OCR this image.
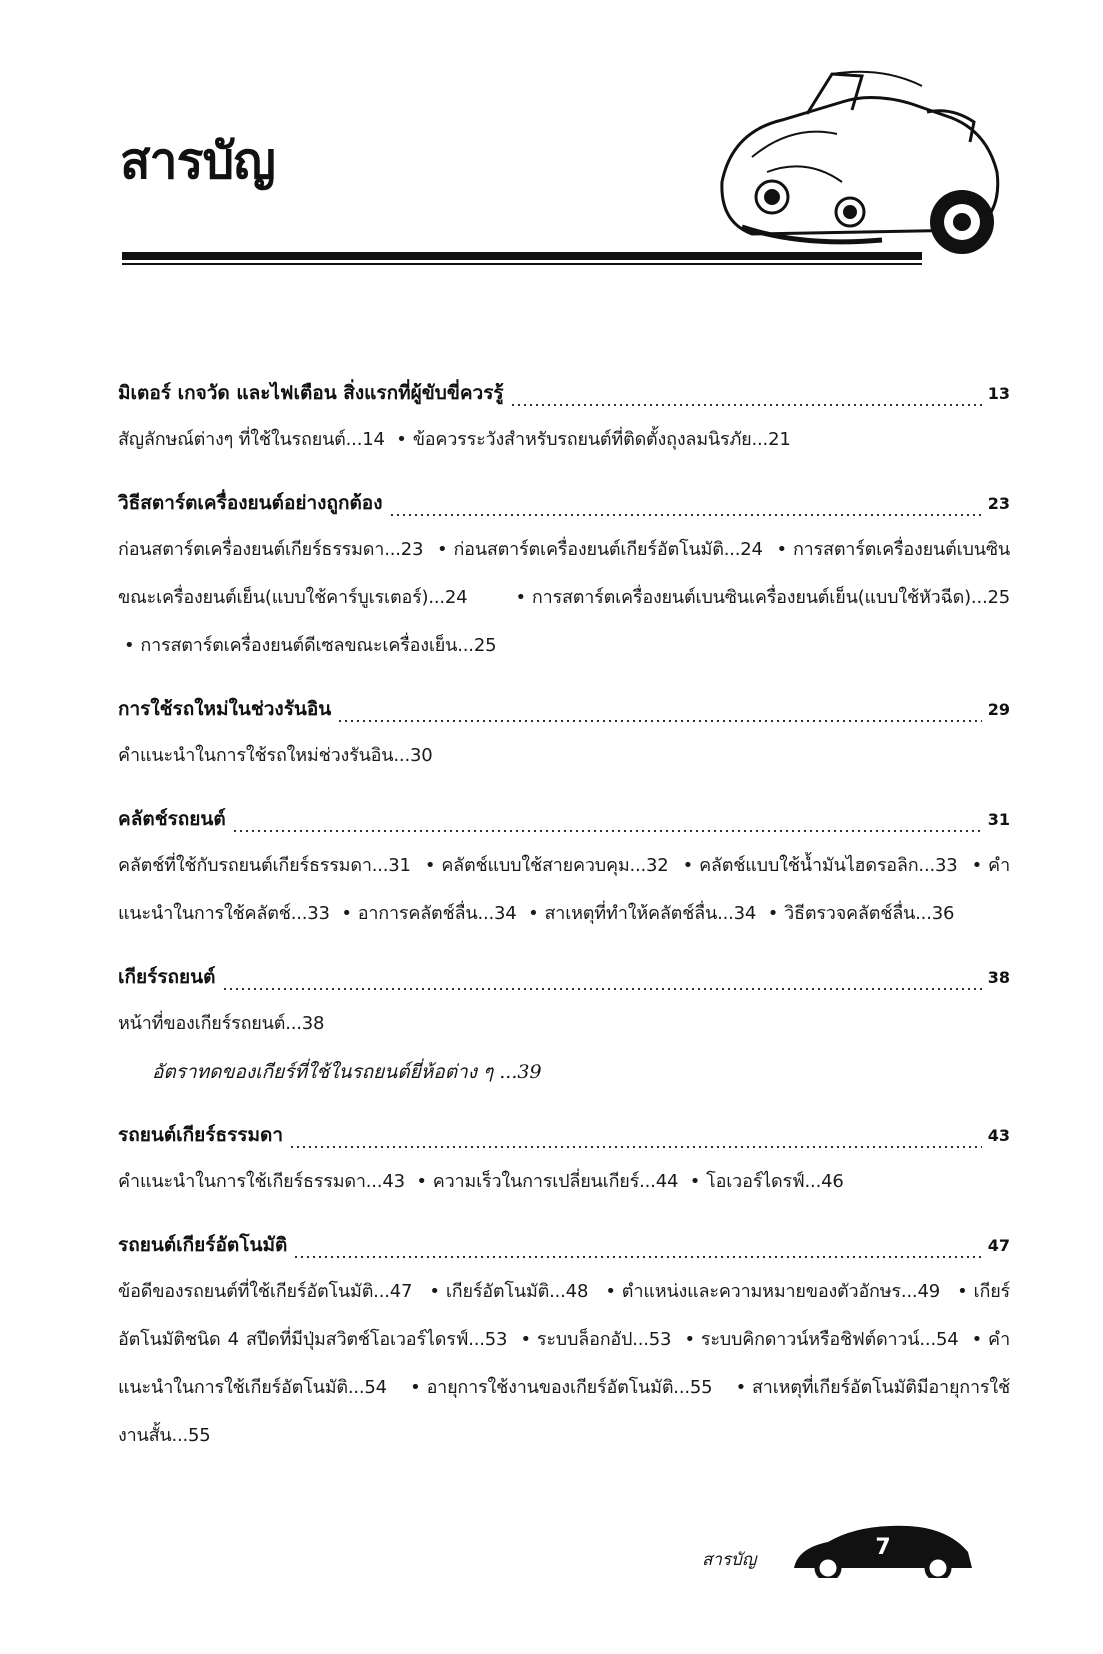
สารบัญ
มิเตอร์ เกจวัด และไฟเตือน สิ่งแรกที่ผู้ขับขี่ควรรู้	13
สัญลักษณ์ต่างๆ ที่ใช้ในรถยนต์...14 • ข้อควรระวังสำหรับรถยนต์ที่ติดตั้งถุงลมนิรภัย...21
วิธีสตาร์ตเครื่องยนต์อย่างถูกต้อง	23
ก่อนสตาร์ตเครื่องยนต์เกียร์ธรรมดา...23 • ก่อนสตาร์ตเครื่องยนต์เกียร์อัตโนมัติ...24 • การสตาร์ตเครื่องยนต์เบนซินขณะเครื่องยนต์เย็น(แบบใช้คาร์บูเรเตอร์)...24	• การสตาร์ตเครื่องยนต์เบนซินเครื่องยนต์เย็น(แบบใช้หัวฉีด)...25 • การสตาร์ตเครื่องยนต์ดีเซลขณะเครื่องเย็น...25
การใช้รถใหม่ในช่วงรันอิน	29
คำแนะนำในการใช้รถใหม่ช่วงรันอิน...30
คลัตช์รถยนต์	31
คลัตช์ที่ใช้กับรถยนต์เกียร์ธรรมดา...31 • คลัตช์แบบใช้สายควบคุม...32 • คลัตช์แบบใช้น้ำมันไฮดรอลิก...33 • คำแนะนำในการใช้คลัตช์...33 • อาการคลัตช์ลื่น...34 • สาเหตุที่ทำให้คลัตช์ลื่น...34 • วิธีตรวจคลัตช์ลื่น...36
เกียร์รถยนต์	38
หน้าที่ของเกียร์รถยนต์...38
อัตราทดของเกียร์ที่ใช้ในรถยนต์ยี่ห้อต่าง ๆ ...39
รถยนต์เกียร์ธรรมดา	43
คำแนะนำในการใช้เกียร์ธรรมดา...43 • ความเร็วในการเปลี่ยนเกียร์...44 • โอเวอร์ไดรฟ์...46
รถยนต์เกียร์อัตโนมัติ	47
ข้อดีของรถยนต์ที่ใช้เกียร์อัตโนมัติ...47 • เกียร์อัตโนมัติ...48 • ตำแหน่งและความหมายของตัวอักษร...49 • เกียร์อัตโนมัติชนิด 4 สปีดที่มีปุ่มสวิตช์โอเวอร์ไดรฟ์...53 • ระบบล็อกอัป...53 • ระบบคิกดาวน์หรือชิฟต์ดาวน์...54 • คำแนะนำในการใช้เกียร์อัตโนมัติ...54 • อายุการใช้งานของเกียร์อัตโนมัติ...55 • สาเหตุที่เกียร์อัตโนมัติมีอายุการใช้งานสั้น...55
สารบัญ	7
